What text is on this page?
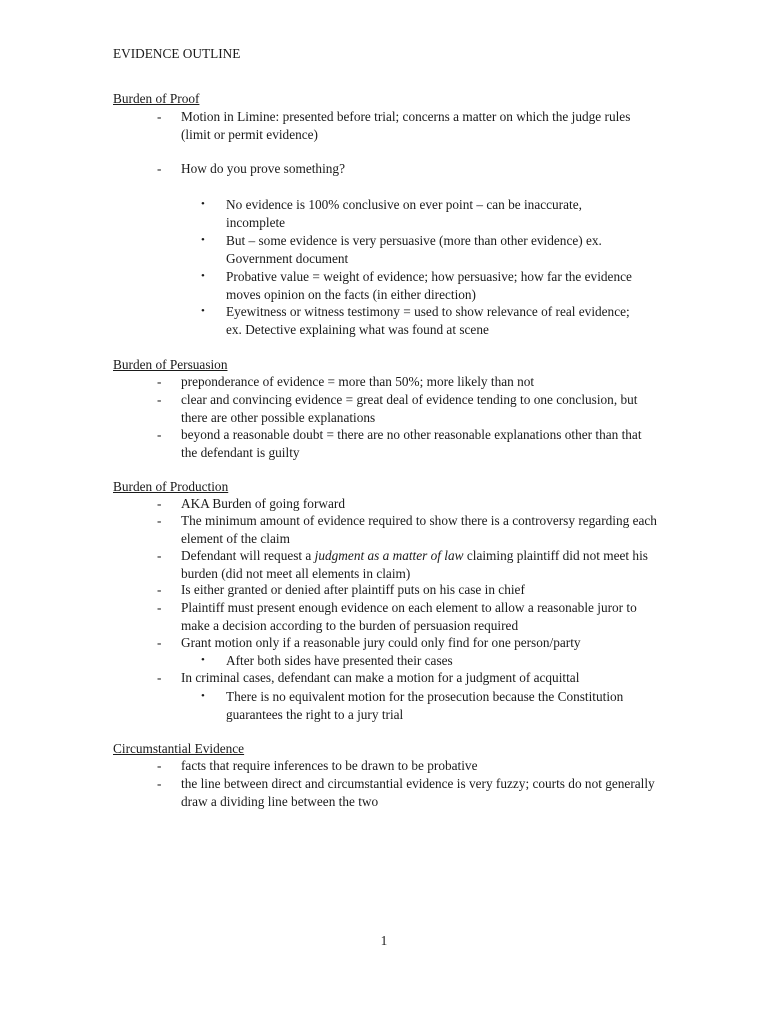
EVIDENCE OUTLINE
Burden of Proof
-	Motion in Limine: presented before trial; concerns a matter on which the judge rules (limit or permit evidence)
-	How do you prove something?
•	No evidence is 100% conclusive on ever point – can be inaccurate, incomplete
•	But – some evidence is very persuasive (more than other evidence) ex. Government document
•	Probative value = weight of evidence; how persuasive; how far the evidence moves opinion on the facts (in either direction)
•	Eyewitness or witness testimony = used to show relevance of real evidence; ex. Detective explaining what was found at scene
Burden of Persuasion
-	preponderance of evidence = more than 50%; more likely than not
-	clear and convincing evidence = great deal of evidence tending to one conclusion, but there are other possible explanations
-	beyond a reasonable doubt = there are no other reasonable explanations other than that the defendant is guilty
Burden of Production
-	AKA Burden of going forward
-	The minimum amount of evidence required to show there is a controversy regarding each element of the claim
-	Defendant will request a judgment as a matter of law claiming plaintiff did not meet his burden (did not meet all elements in claim)
-	Is either granted or denied after plaintiff puts on his case in chief
-	Plaintiff must present enough evidence on each element to allow a reasonable juror to make a decision according to the burden of persuasion required
-	Grant motion only if a reasonable jury could only find for one person/party
•	After both sides have presented their cases
-	In criminal cases, defendant can make a motion for a judgment of acquittal
•	There is no equivalent motion for the prosecution because the Constitution guarantees the right to a jury trial
Circumstantial Evidence
-	facts that require inferences to be drawn to be probative
-	the line between direct and circumstantial evidence is very fuzzy; courts do not generally draw a dividing line between the two
1
